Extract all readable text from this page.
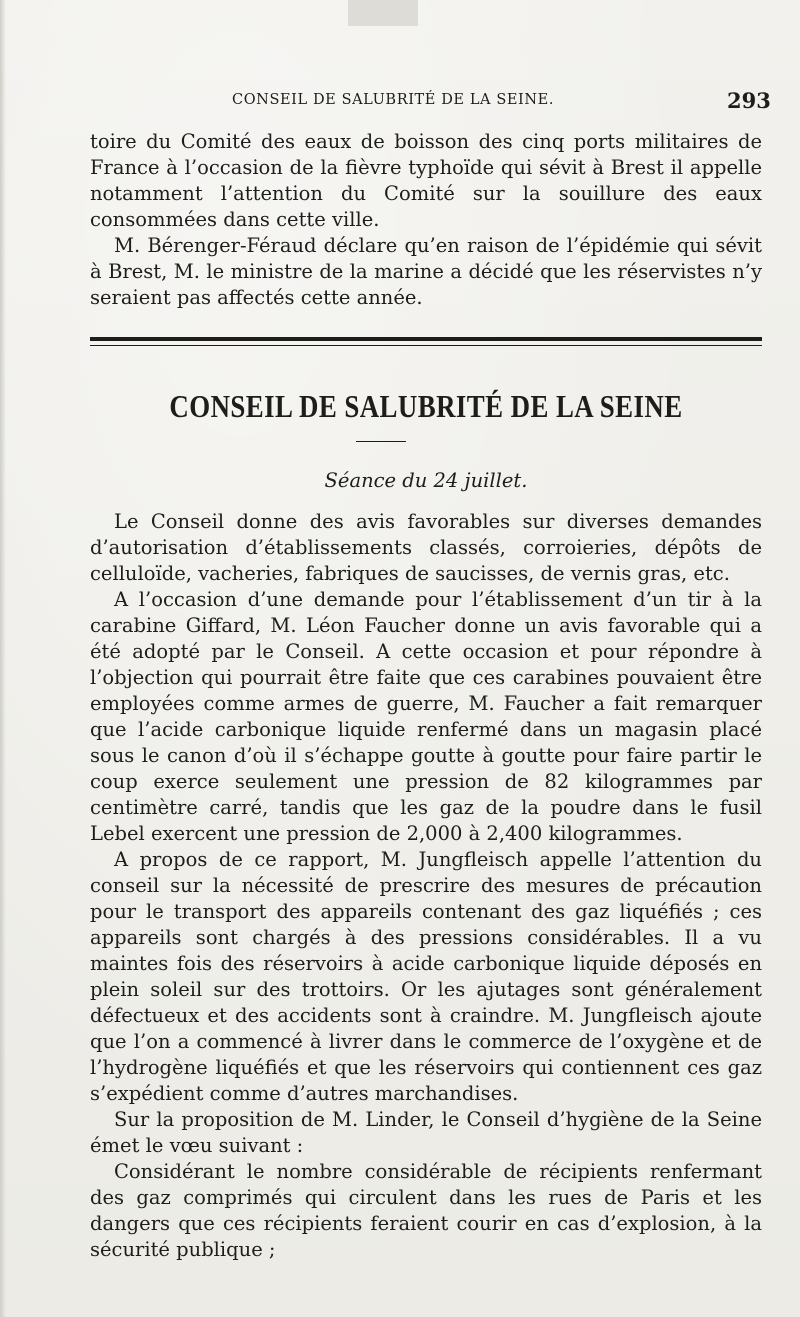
CONSEIL DE SALUBRITÉ DE LA SEINE.	293

toire du Comité des eaux de boisson des cinq ports militaires de France à l’occasion de la fièvre typhoïde qui sévit à Brest il appelle notamment l’attention du Comité sur la souillure des eaux consommées dans cette ville.

M. Bérenger-Féraud déclare qu’en raison de l’épidémie qui sévit à Brest, M. le ministre de la marine a décidé que les réservistes n’y seraient pas affectés cette année.

CONSEIL DE SALUBRITÉ DE LA SEINE
Séance du 24 juillet.

Le Conseil donne des avis favorables sur diverses demandes d’autorisation d’établissements classés, corroieries, dépôts de celluloïde, vacheries, fabriques de saucisses, de vernis gras, etc.

A l’occasion d’une demande pour l’établissement d’un tir à la carabine Giffard, M. Léon Faucher donne un avis favorable qui a été adopté par le Conseil. A cette occasion et pour répondre à l’objection qui pourrait être faite que ces carabines pouvaient être employées comme armes de guerre, M. Faucher a fait remarquer que l’acide carbonique liquide renfermé dans un magasin placé sous le canon d’où il s’échappe goutte à goutte pour faire partir le coup exerce seulement une pression de 82 kilogrammes par centimètre carré, tandis que les gaz de la poudre dans le fusil Lebel exercent une pression de 2,000 à 2,400 kilogrammes.

A propos de ce rapport, M. Jungfleisch appelle l’attention du conseil sur la nécessité de prescrire des mesures de précaution pour le transport des appareils contenant des gaz liquéfiés ; ces appareils sont chargés à des pressions considérables. Il a vu maintes fois des réservoirs à acide carbonique liquide déposés en plein soleil sur des trottoirs. Or les ajutages sont généralement défectueux et des accidents sont à craindre. M. Jungfleisch ajoute que l’on a commencé à livrer dans le commerce de l’oxygène et de l’hydrogène liquéfiés et que les réservoirs qui contiennent ces gaz s’expédient comme d’autres marchandises.

Sur la proposition de M. Linder, le Conseil d’hygiène de la Seine émet le vœu suivant :

Considérant le nombre considérable de récipients renfermant des gaz comprimés qui circulent dans les rues de Paris et les dangers que ces récipients feraient courir en cas d’explosion, à la sécurité publique ;
